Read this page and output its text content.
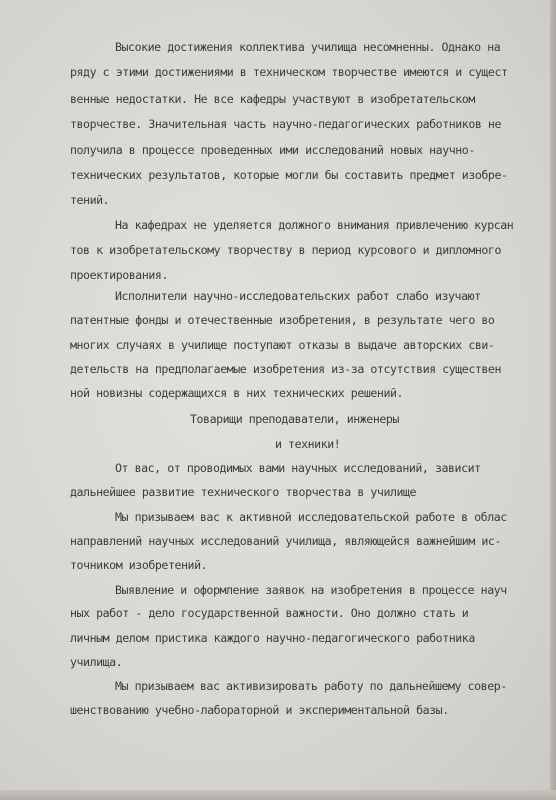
Высокие достижения коллектива училища несомненны. Однако на
ряду с этими достижениями в техническом творчестве имеются и сущест
венные недостатки. Не все кафедры участвуют в изобретательском
творчестве. Значительная часть научно-педагогических работников не
получила в процессе проведенных ими исследований новых научно-
технических результатов, которые могли бы составить предмет изобре-
тений.
На кафедрах не уделяется должного внимания привлечению курсан
тов к изобретательскому творчеству в период курсового и дипломного
проектирования.
Исполнители научно-исследовательских работ слабо изучают
патентные фонды и отечественные изобретения, в результате чего во
многих случаях в училище поступают отказы в выдаче авторских сви-
детельств на предполагаемые изобретения из-за отсутствия существен
ной новизны содержащихся в них технических решений.
Товарищи преподаватели, инженеры
и техники!
От вас, от проводимых вами научных исследований, зависит
дальнейшее развитие технического творчества в училище
Мы призываем вас к активной исследовательской работе в облас
направлений научных исследований училища, являющейся важнейшим ис-
точником изобретений.
Выявление и оформление заявок на изобретения в процессе науч
ных работ - дело государственной важности. Оно должно стать и
личным делом пристика каждого научно-педагогического работника
училища.
Мы призываем вас активизировать работу по дальнейшему совер-
шенствованию учебно-лабораторной и экспериментальной базы.
